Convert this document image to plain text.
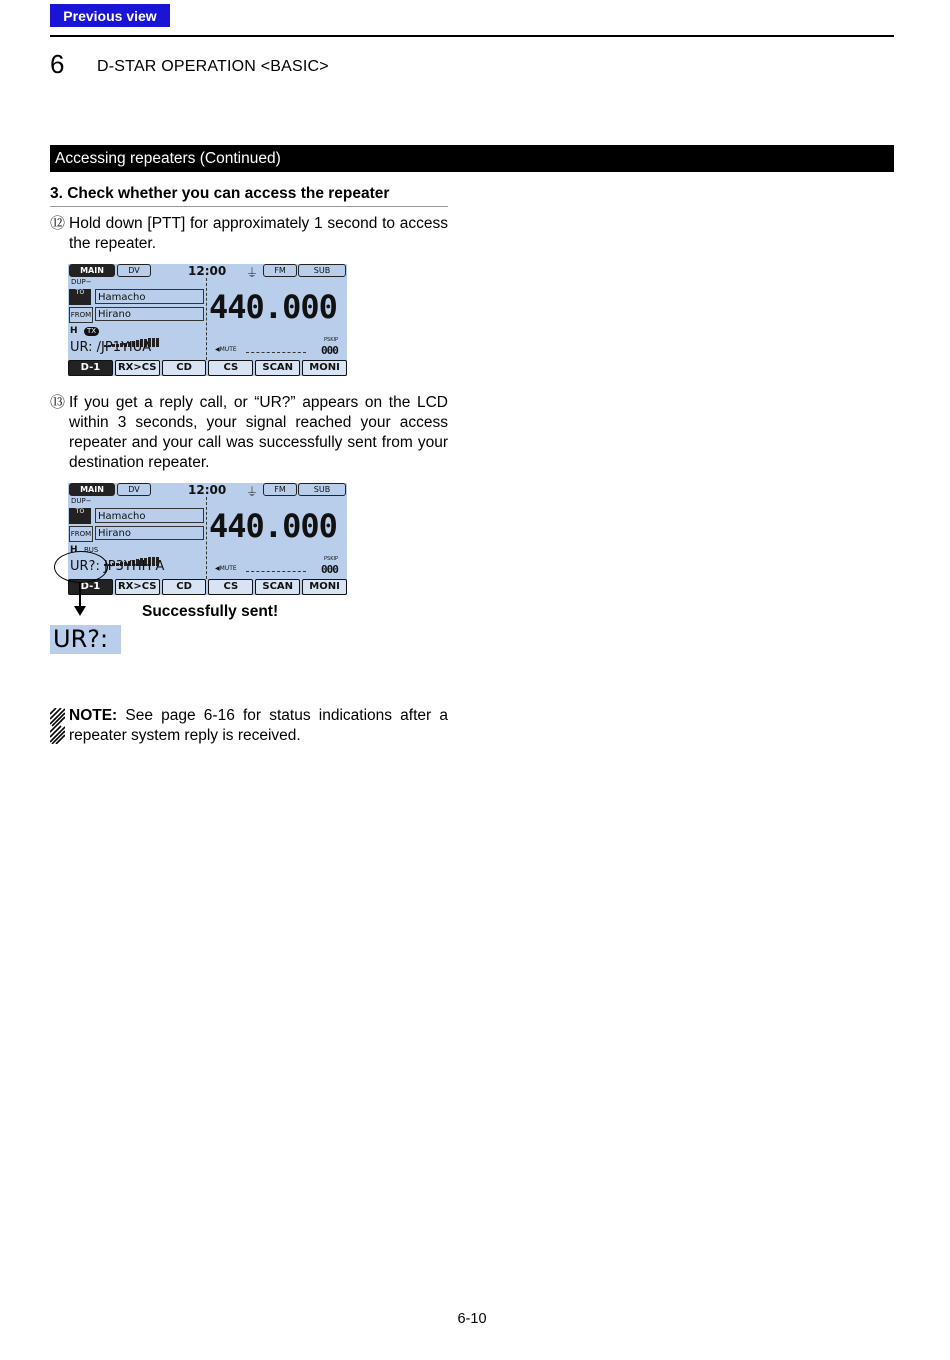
Previous view
6 D-STAR OPERATION <BASIC>
Accessing repeaters (Continued)
3. Check whether you can access the repeater
⑫ Hold down [PTT] for approximately 1 second to access the repeater.
MAIN	DV	12:00 ⏚	FM	SUB
DUP−
TO	Hamacho
FROM Hirano	440.000
H	TX
UR: /JP1YIUA	◀MUTE
PSKIP
000
D-1	RX>CS	CD	CS	SCAN	MONI
⑬ If you get a reply call, or “UR?” appears on the LCD within 3 seconds, your signal reached your access repeater and your call was successfully sent from your destination repeater.
MAIN	DV	12:00 ⏚	FM	SUB
DUP−
TO	Hamacho
FROM Hirano	440.000
H BUS
UR?: JP3YHH A	◀MUTE
PSKIP
000
D-1	RX>CS	CD	CS	SCAN	MONI
Successfully sent!
UR?:
NOTE: See page 6-16 for status indications after a repeater system reply is received.
6-10
